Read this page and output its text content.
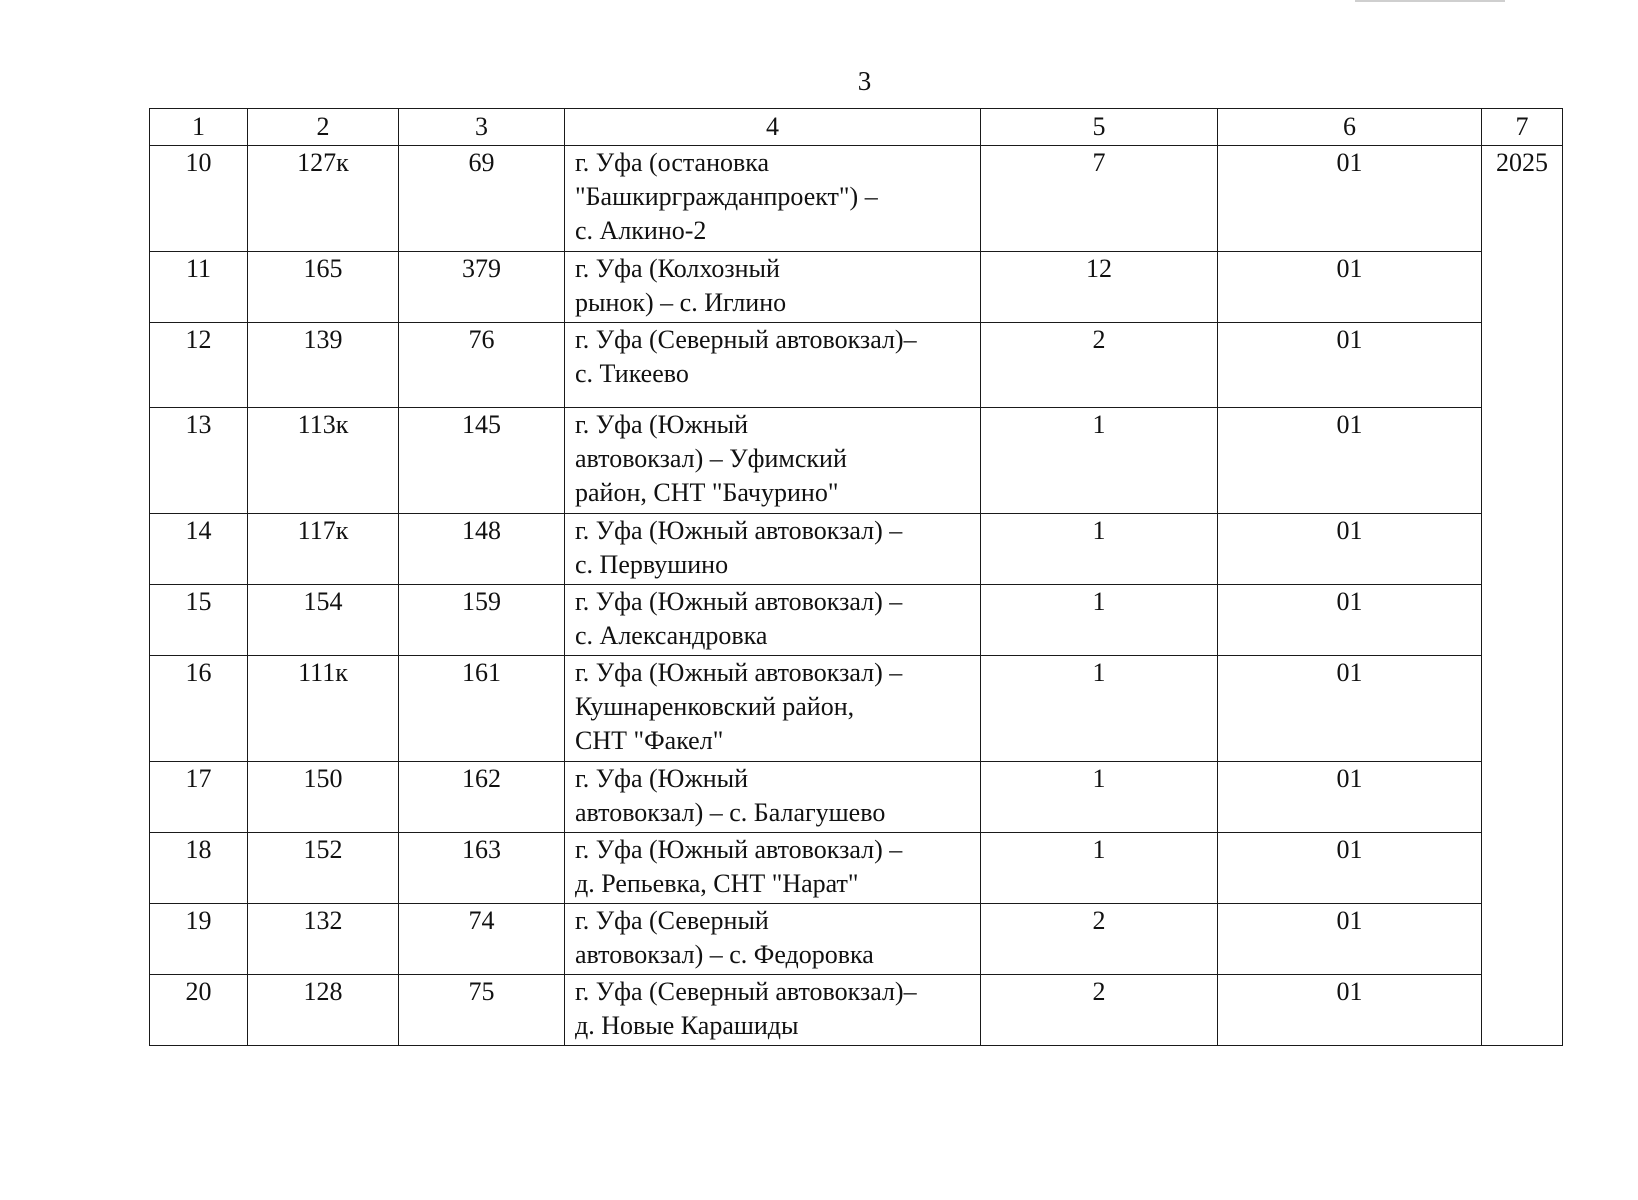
3
1	2	3	4	5	6	7
10	127к	69	г. Уфа (остановка
"Башкиргражданпроект") –
с. Алкино-2	7	01	2025
11	165	379	г. Уфа (Колхозный
рынок) – с. Иглино	12	01	
12	139	76	г. Уфа (Северный автовокзал)–
с. Тикеево	2	01	
13	113к	145	г. Уфа (Южный
автовокзал) – Уфимский
район, СНТ "Бачурино"	1	01	
14	117к	148	г. Уфа (Южный автовокзал) –
с. Первушино	1	01	
15	154	159	г. Уфа (Южный автовокзал) –
с. Александровка	1	01	
16	111к	161	г. Уфа (Южный автовокзал) –
Кушнаренковский район,
СНТ "Факел"	1	01	
17	150	162	г. Уфа (Южный
автовокзал) – с. Балагушево	1	01	
18	152	163	г. Уфа (Южный автовокзал) –
д. Репьевка, СНТ "Нарат"	1	01	
19	132	74	г. Уфа (Северный
автовокзал) – с. Федоровка	2	01	
20	128	75	г. Уфа (Северный автовокзал)–
д. Новые Карашиды	2	01	
